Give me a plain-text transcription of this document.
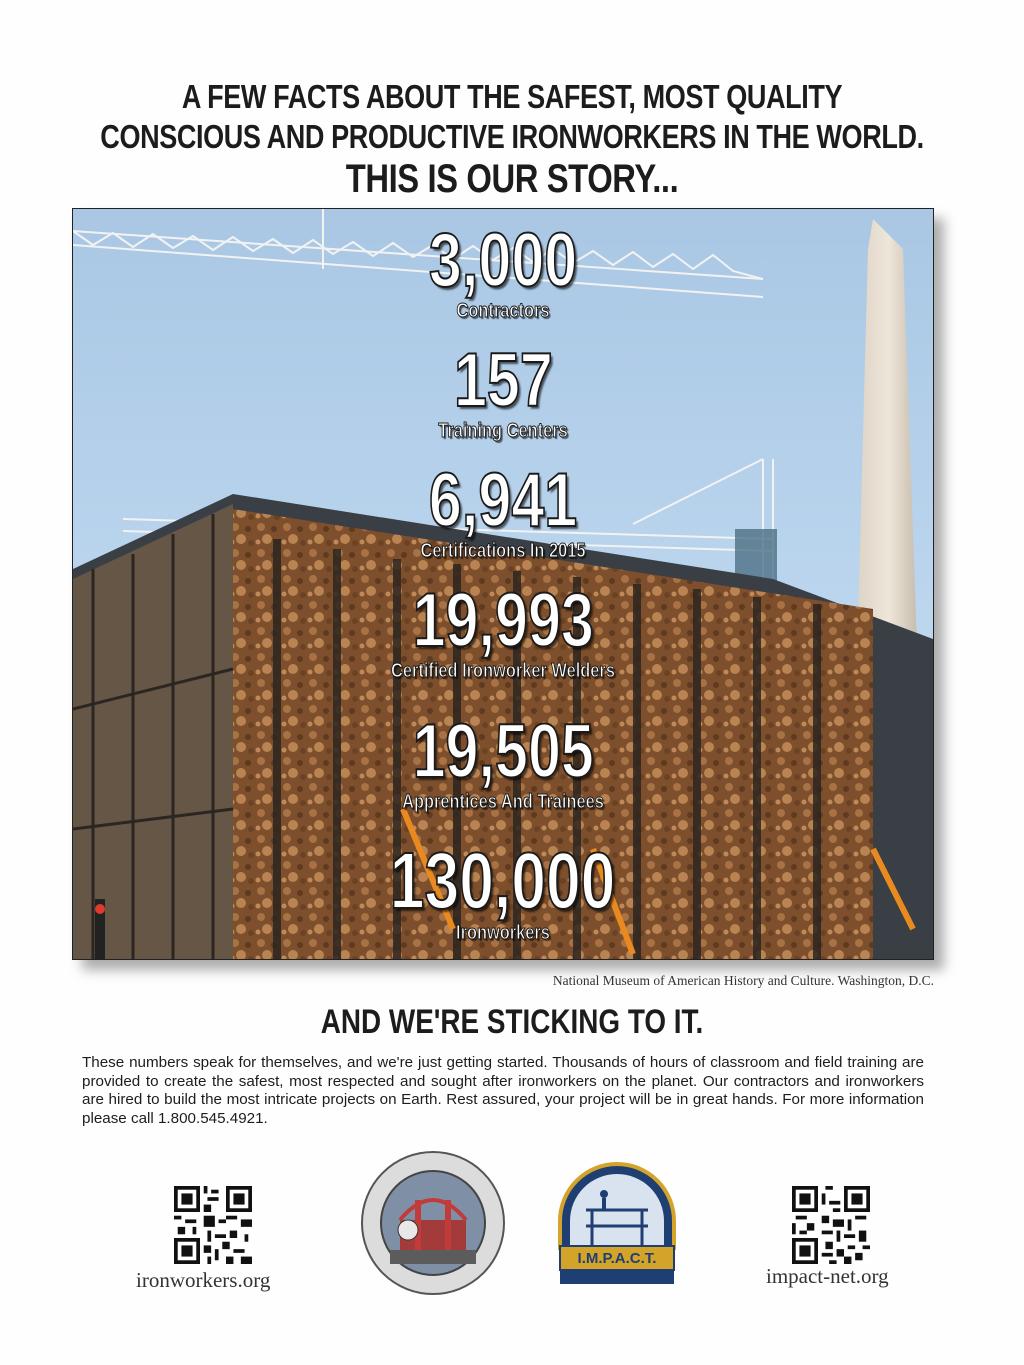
A FEW FACTS ABOUT THE SAFEST, MOST QUALITY
CONSCIOUS AND PRODUCTIVE IRONWORKERS IN THE WORLD.
THIS IS OUR STORY...
3,000
Contractors
157
Training Centers
6,941
Certifications In 2015
19,993
Certified Ironworker Welders
19,505
Apprentices And Trainees
130,000
Ironworkers
National Museum of American History and Culture. Washington, D.C.
AND WE'RE STICKING TO IT.
These numbers speak for themselves, and we're just getting started. Thousands of hours of classroom and field training are provided to create the safest, most respected and sought after ironworkers on the planet. Our contractors and ironworkers are hired to build the most intricate projects on Earth. Rest assured, your project will be in great hands. For more information please call 1.800.545.4921.
ironworkers.org
I.M.P.A.C.T.
impact-net.org
